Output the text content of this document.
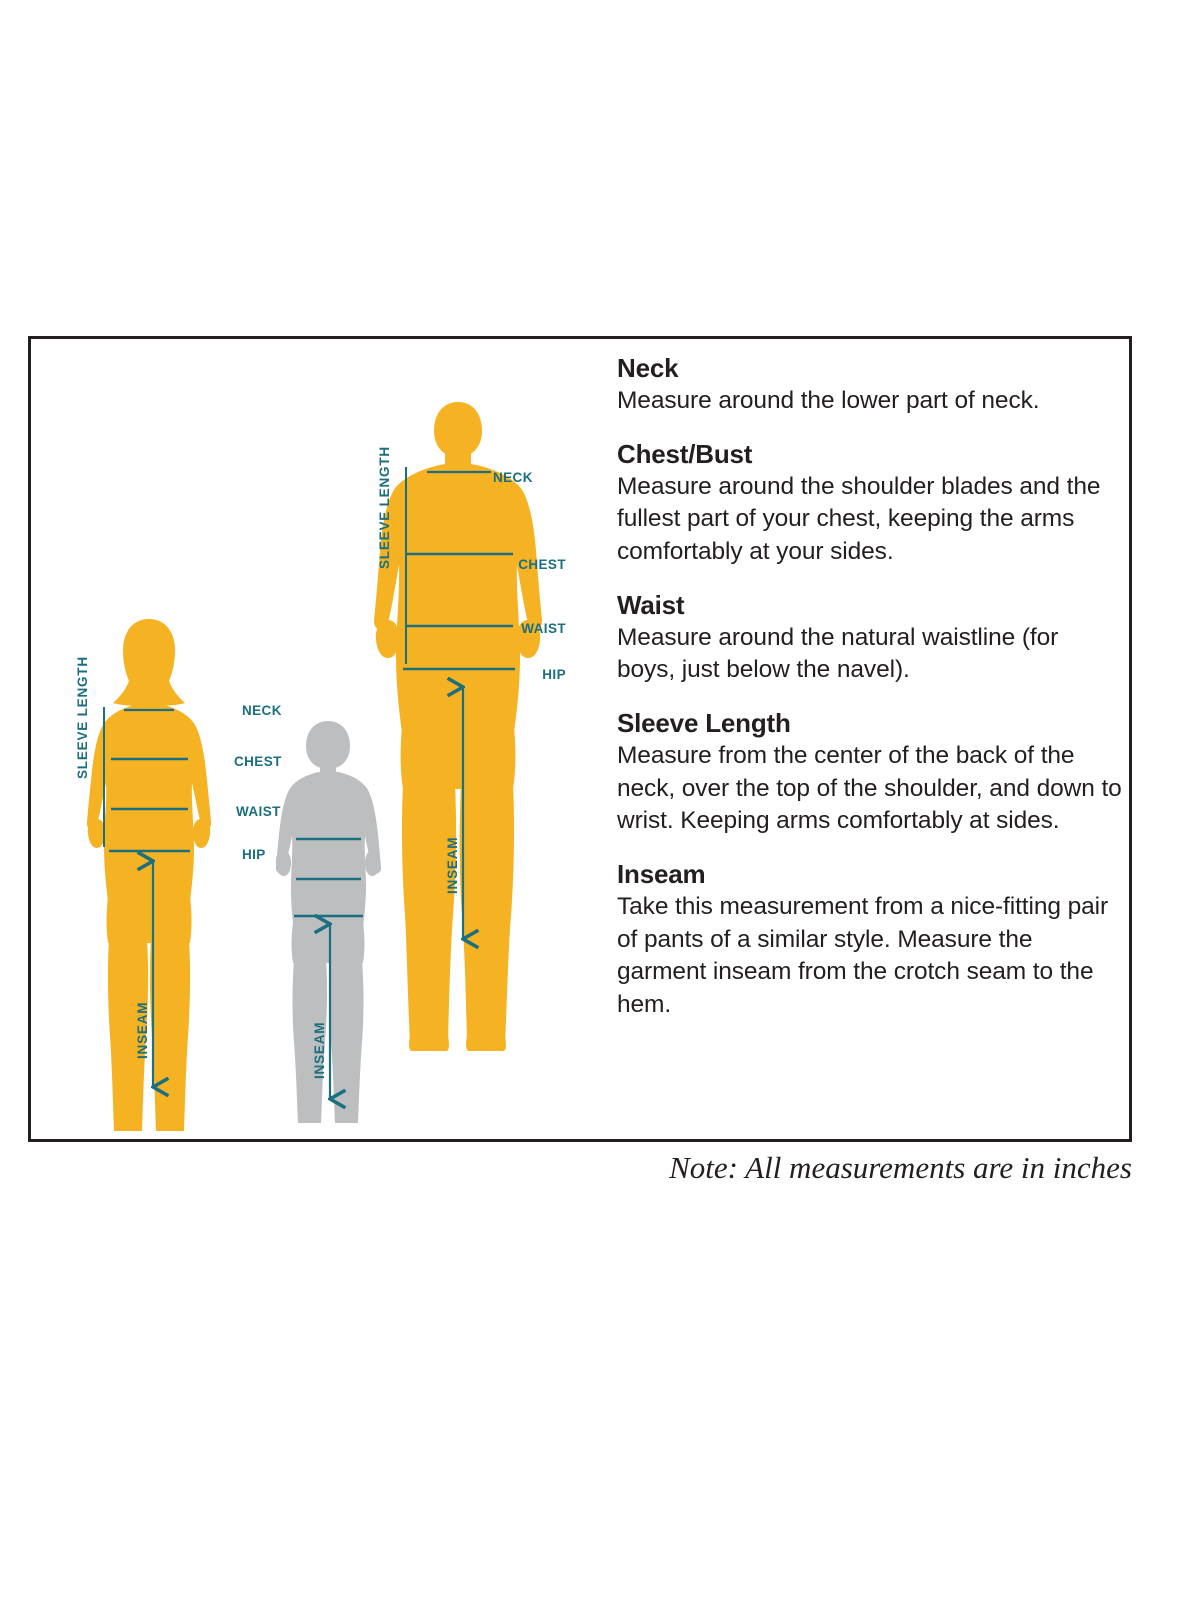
NECK
CHEST
WAIST
HIP
SLEEVE LENGTH
INSEAM
NECK
CHEST
WAIST
HIP
SLEEVE LENGTH
INSEAM	INSEAM

Neck

Measure around the lower part of neck.

Chest/Bust

Measure around the shoulder blades and the fullest part of your chest, keeping the arms comfortably at your sides.

Waist

Measure around the natural waistline (for boys, just below the navel).

Sleeve Length

Measure from the center of the back of the neck, over the top of the shoulder, and down to wrist. Keeping arms comfortably at sides.

Inseam

Take this measurement from a nice-fitting pair of pants of a similar style. Measure the garment inseam from the crotch seam to the hem.

Note: All measurements are in inches
